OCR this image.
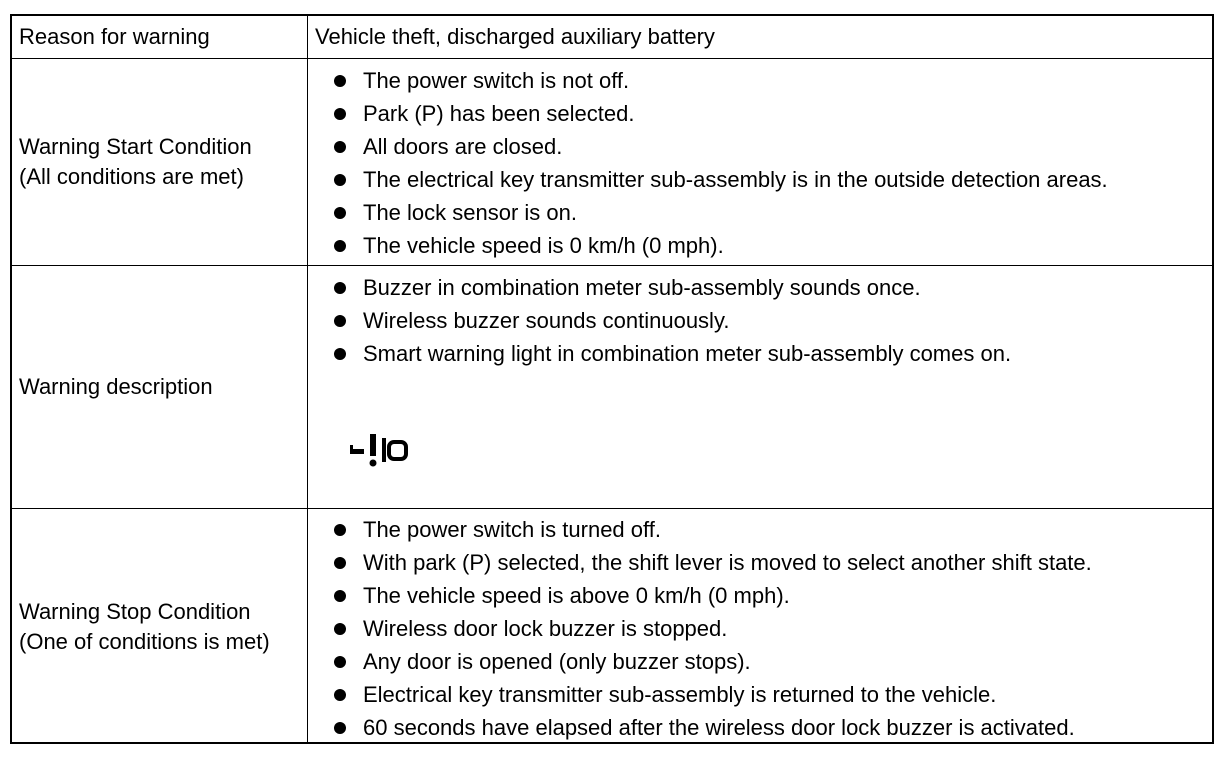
Reason for warning	Vehicle theft, discharged auxiliary battery
Warning Start Condition
(All conditions are met)
The power switch is not off.
Park (P) has been selected.
All doors are closed.
The electrical key transmitter sub-assembly is in the outside detection areas.
The lock sensor is on.
The vehicle speed is 0 km/h (0 mph).
Warning description
Buzzer in combination meter sub-assembly sounds once.
Wireless buzzer sounds continuously.
Smart warning light in combination meter sub-assembly comes on.
Warning Stop Condition
(One of conditions is met)
The power switch is turned off.
With park (P) selected, the shift lever is moved to select another shift state.
The vehicle speed is above 0 km/h (0 mph).
Wireless door lock buzzer is stopped.
Any door is opened (only buzzer stops).
Electrical key transmitter sub-assembly is returned to the vehicle.
60 seconds have elapsed after the wireless door lock buzzer is activated.
